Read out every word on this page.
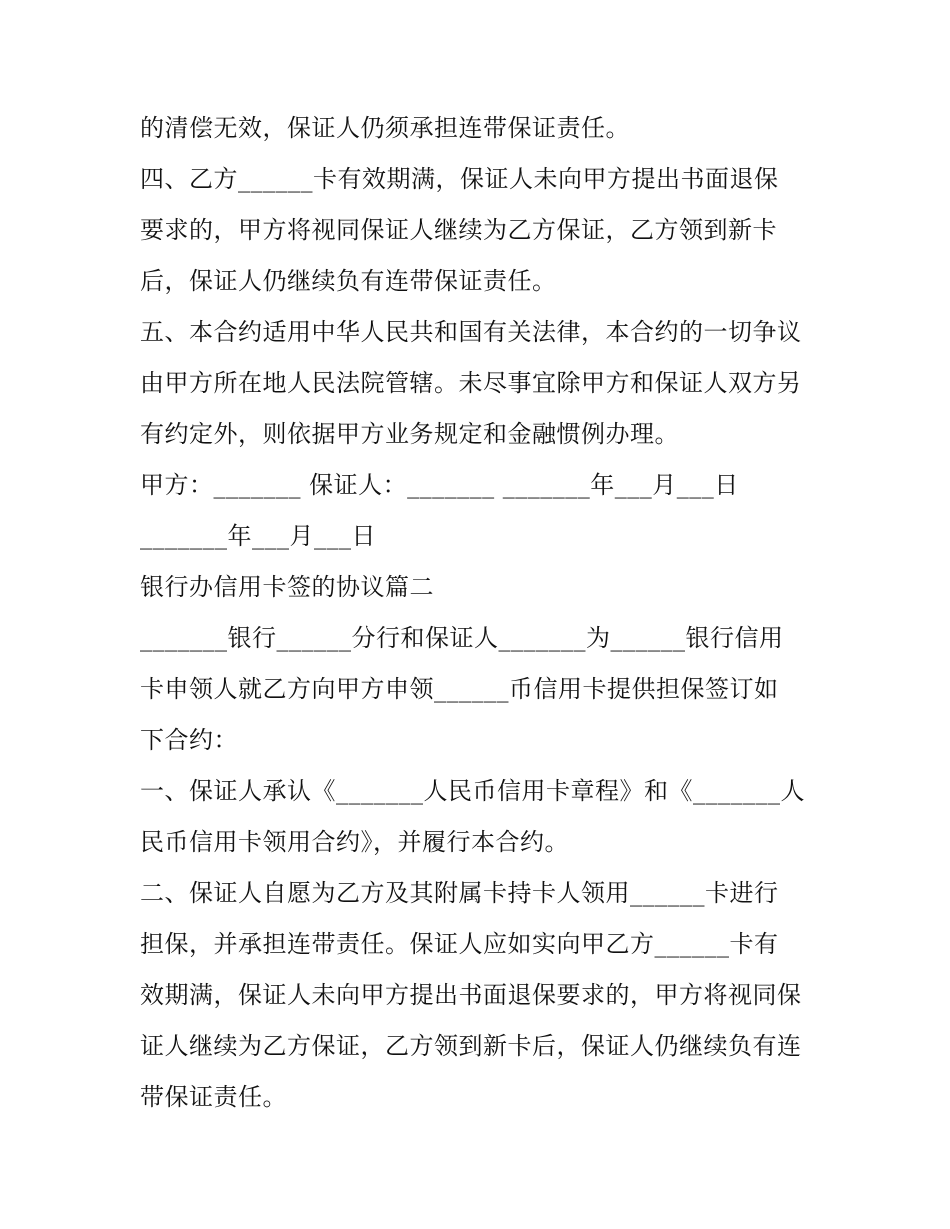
的清偿无效，保证人仍须承担连带保证责任。
四、乙方______卡有效期满，保证人未向甲方提出书面退保
要求的，甲方将视同保证人继续为乙方保证，乙方领到新卡
后，保证人仍继续负有连带保证责任。
五、本合约适用中华人民共和国有关法律，本合约的一切争议
由甲方所在地人民法院管辖。未尽事宜除甲方和保证人双方另
有约定外，则依据甲方业务规定和金融惯例办理。
甲方：_______ 保证人：_______ _______年___月___日
_______年___月___日
银行办信用卡签的协议篇二
_______银行______分行和保证人_______为______银行信用
卡申领人就乙方向甲方申领______币信用卡提供担保签订如
下合约：
一、保证人承认《_______人民币信用卡章程》和《_______人
民币信用卡领用合约》，并履行本合约。
二、保证人自愿为乙方及其附属卡持卡人领用______卡进行
担保，并承担连带责任。保证人应如实向甲乙方______卡有
效期满，保证人未向甲方提出书面退保要求的，甲方将视同保
证人继续为乙方保证，乙方领到新卡后，保证人仍继续负有连
带保证责任。
